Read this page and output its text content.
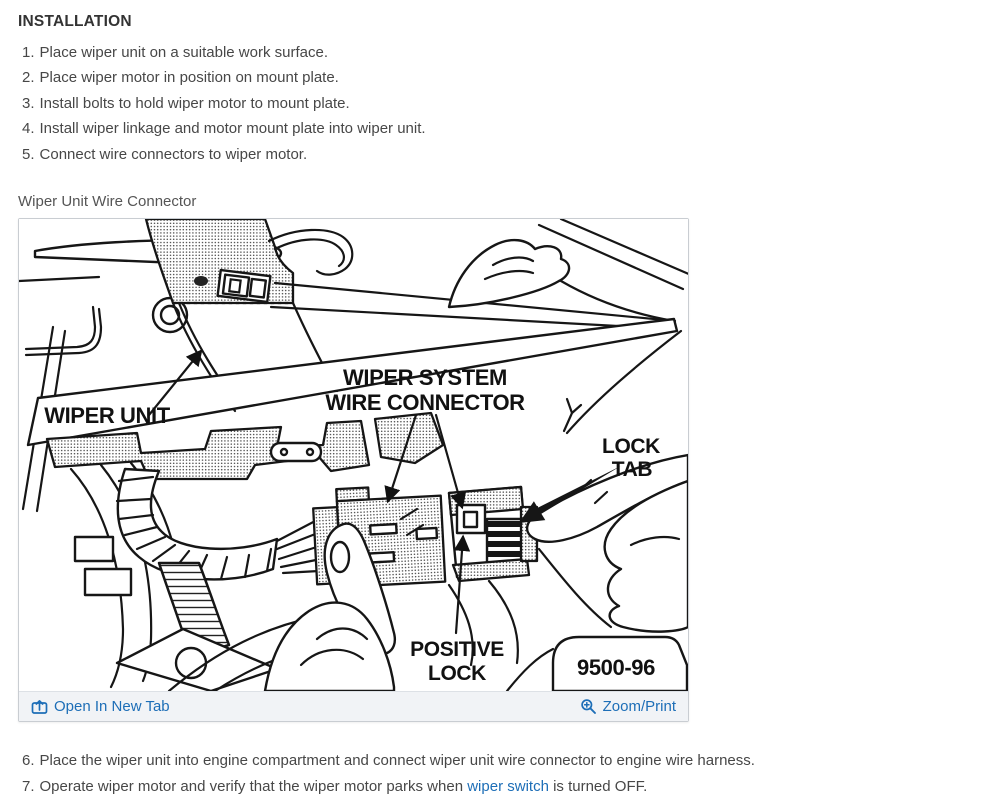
INSTALLATION
1. Place wiper unit on a suitable work surface.
2. Place wiper motor in position on mount plate.
3. Install bolts to hold wiper motor to mount plate.
4. Install wiper linkage and motor mount plate into wiper unit.
5. Connect wire connectors to wiper motor.
Wiper Unit Wire Connector
WIPER SYSTEM
WIRE CONNECTOR
WIPER UNIT
LOCK
TAB
POSITIVE
LOCK	9500-96
Open In New Tab	Zoom/Print
6. Place the wiper unit into engine compartment and connect wiper unit wire connector to engine wire harness.
7. Operate wiper motor and verify that the wiper motor parks when wiper switch is turned OFF.
